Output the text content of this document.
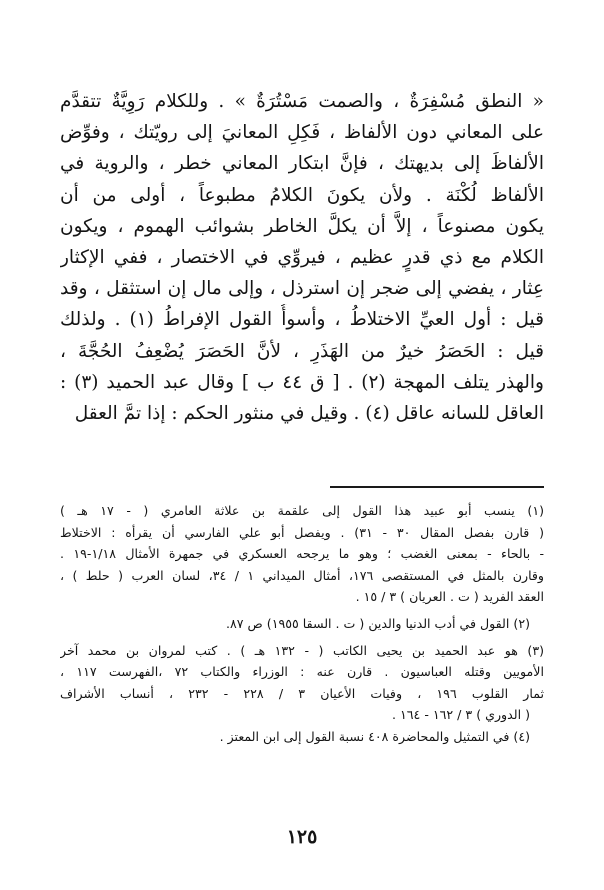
« النطق مُسْفِرَةٌ ، والصمت مَسْتُرَةٌ » . وللكلام رَوِيَّةٌ تتقدَّم
على المعاني دون الألفاظ ، فَكِلِ المعانيَ إلى رويّتك ، وفوِّض
الألفاظَ إلى بديهتك ، فإنَّ ابتكار المعاني خطر ، والروية في
الألفاظ لُكْنَة . ولأن يكونَ الكلامُ مطبوعاً ، أولى من أن
يكون مصنوعاً ، إلاَّ أن يكلَّ الخاطر بشوائب الهموم ، ويكون
الكلام مع ذي قدرٍ عظيم ، فيروِّي في الاختصار ، ففي الإكثار
عِثار ، يفضي إلى ضجر إن استرذل ، وإلى مال إن استثقل ، وقد
قيل : أول العيِّ الاختلاطُ ، وأسوأُ القول الإفراطُ (١) . ولذلك
قيل : الحَصَرُ خيرٌ من الهَذَرِ ، لأنَّ الحَصَرَ يُضْعِفُ الحُجَّةَ ،
والهذر يتلف المهجة (٢) . [ ق ٤٤ ب ] وقال عبد الحميد (٣) :
العاقل للسانه عاقل (٤) . وقيل في منثور الحكم : إذا تمَّ العقل
(١) ينسب أبو عبيد هذا القول إلى علقمة بن علاثة العامري ( - ١٧ هـ )
( قارن بفصل المقال ٣٠ - ٣١) . ويفصل أبو علي الفارسي أن يقرأه : الاختلاط
- بالحاء - بمعنى الغضب ؛ وهو ما يرجحه العسكري في جمهرة الأمثال ١/١٨-١٩ .
وقارن بالمثل في المستقصى ١٧٦، أمثال الميداني ١ / ٣٤، لسان العرب ( حلط ) ،
العقد الفريد ( ت . العريان ) ٣ / ١٥ .
(٢) القول في أدب الدنيا والدين ( ت . السقا ١٩٥٥) ص ٨٧.
(٣) هو عبد الحميد بن يحيى الكاتب ( - ١٣٢ هـ ) . كتب لمروان بن محمد آخر
الأمويين وقتله العباسيون . قارن عنه : الوزراء والكتاب ٧٢ ،الفهرست ١١٧ ،
ثمار القلوب ١٩٦ ، وفيات الأعيان ٣ / ٢٢٨ - ٢٣٢ ، أنساب الأشراف
( الدوري ) ٣ / ١٦٢ - ١٦٤ .
(٤) في التمثيل والمحاضرة ٤٠٨ نسبة القول إلى ابن المعتز .
١٢٥
